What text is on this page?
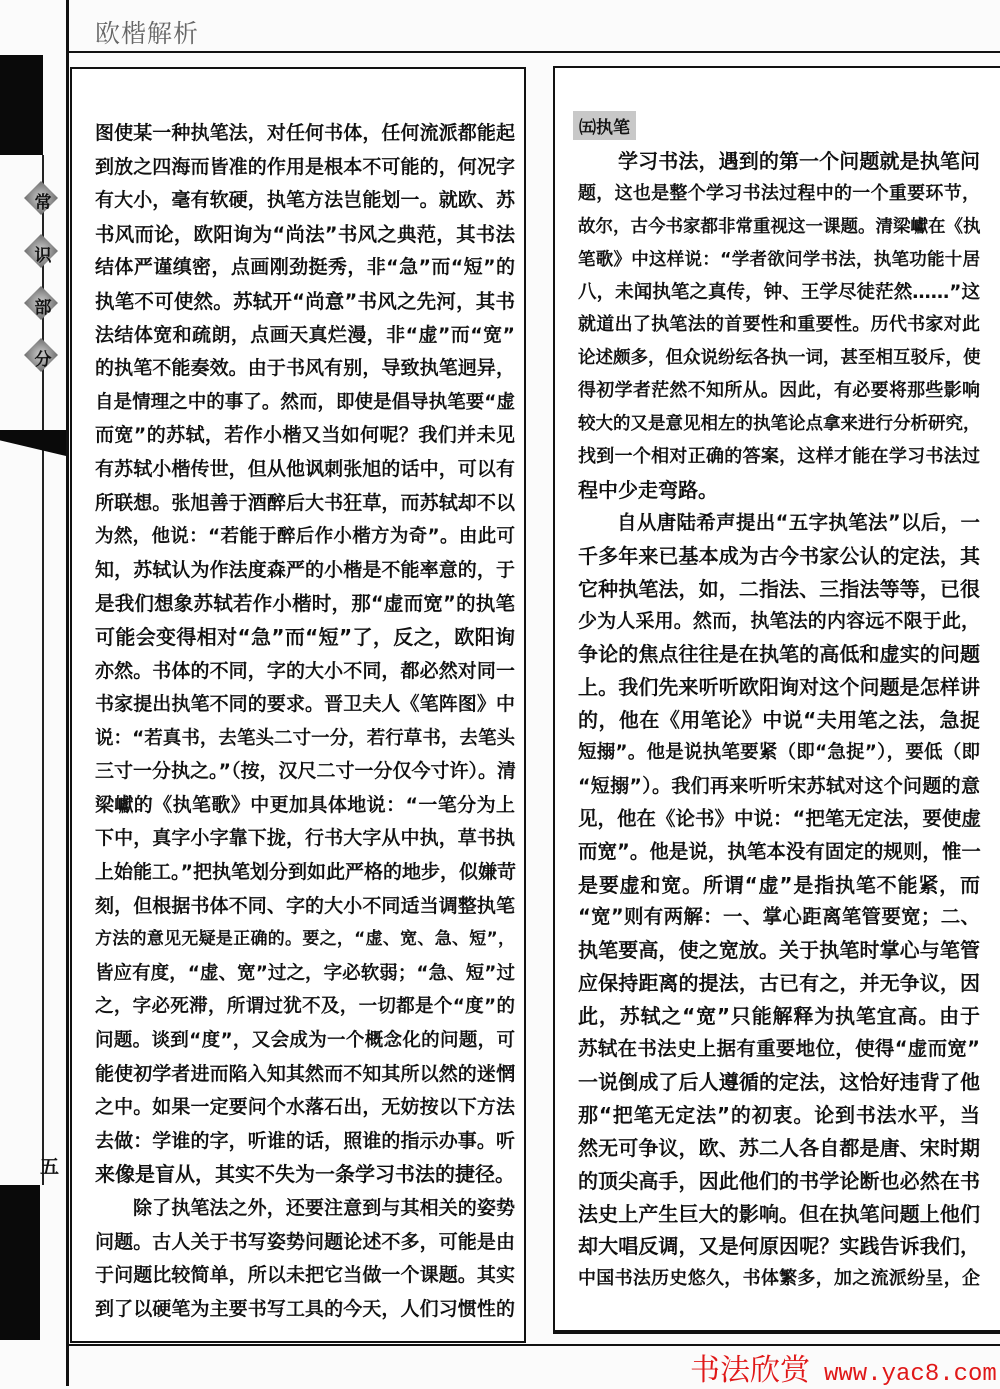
欧楷解析
常
识
部
分
五
图使某一种执笔法，对任何书体，任何流派都能起
到放之四海而皆准的作用是根本不可能的，何况字
有大小，毫有软硬，执笔方法岂能划一。就欧、苏
书风而论，欧阳询为“尚法”书风之典范，其书法
结体严谨缜密，点画刚劲挺秀，非“急”而“短”的
执笔不可使然。苏轼开“尚意”书风之先河，其书
法结体宽和疏朗，点画天真烂漫，非“虚”而“宽”
的执笔不能奏效。由于书风有别，导致执笔迥异，
自是情理之中的事了。然而，即使是倡导执笔要“虚
而宽”的苏轼，若作小楷又当如何呢？我们并未见
有苏轼小楷传世，但从他讽刺张旭的话中，可以有
所联想。张旭善于酒醉后大书狂草，而苏轼却不以
为然，他说：“若能于醉后作小楷方为奇”。由此可
知，苏轼认为作法度森严的小楷是不能率意的，于
是我们想象苏轼若作小楷时，那“虚而宽”的执笔
可能会变得相对“急”而“短”了，反之，欧阳询
亦然。书体的不同，字的大小不同，都必然对同一
书家提出执笔不同的要求。晋卫夫人《笔阵图》中
说：“若真书，去笔头二寸一分，若行草书，去笔头
三寸一分执之。”（按，汉尺二寸一分仅今寸许）。清
梁巘的《执笔歌》中更加具体地说：“一笔分为上
下中，真字小字靠下拢，行书大字从中执，草书执
上始能工。”把执笔划分到如此严格的地步，似嫌苛
刻，但根据书体不同、字的大小不同适当调整执笔
方法的意见无疑是正确的。要之，“虚、宽、急、短”，
皆应有度，“虚、宽”过之，字必软弱；“急、短”过
之，字必死滞，所谓过犹不及，一切都是个“度”的
问题。谈到“度”，又会成为一个概念化的问题，可
能使初学者进而陷入知其然而不知其所以然的迷惘
之中。如果一定要问个水落石出，无妨按以下方法
去做：学谁的字，听谁的话，照谁的指示办事。听
来像是盲从，其实不失为一条学习书法的捷径。
除了执笔法之外，还要注意到与其相关的姿势
问题。古人关于书写姿势问题论述不多，可能是由
于问题比较简单，所以未把它当做一个课题。其实
到了以硬笔为主要书写工具的今天，人们习惯性的
㈤执笔
学习书法，遇到的第一个问题就是执笔问
题，这也是整个学习书法过程中的一个重要环节，
故尔，古今书家都非常重视这一课题。清梁巘在《执
笔歌》中这样说：“学者欲问学书法，执笔功能十居
八，未闻执笔之真传，钟、王学尽徒茫然……”这
就道出了执笔法的首要性和重要性。历代书家对此
论述颇多，但众说纷纭各执一词，甚至相互驳斥，使
得初学者茫然不知所从。因此，有必要将那些影响
较大的又是意见相左的执笔论点拿来进行分析研究，
找到一个相对正确的答案，这样才能在学习书法过
程中少走弯路。
自从唐陆希声提出“五字执笔法”以后，一
千多年来已基本成为古今书家公认的定法，其
它种执笔法，如，二指法、三指法等等，已很
少为人采用。然而，执笔法的内容远不限于此，
争论的焦点往往是在执笔的高低和虚实的问题
上。我们先来听听欧阳询对这个问题是怎样讲
的，他在《用笔论》中说“夫用笔之法，急捉
短搦”。他是说执笔要紧（即“急捉”），要低（即
“短搦”）。我们再来听听宋苏轼对这个问题的意
见，他在《论书》中说：“把笔无定法，要使虚
而宽”。他是说，执笔本没有固定的规则，惟一
是要虚和宽。所谓“虚”是指执笔不能紧，而
“宽”则有两解：一、掌心距离笔管要宽；二、
执笔要高，使之宽放。关于执笔时掌心与笔管
应保持距离的提法，古已有之，并无争议，因
此，苏轼之“宽”只能解释为执笔宜高。由于
苏轼在书法史上据有重要地位，使得“虚而宽”
一说倒成了后人遵循的定法，这恰好违背了他
那“把笔无定法”的初衷。论到书法水平，当
然无可争议，欧、苏二人各自都是唐、宋时期
的顶尖高手，因此他们的书学论断也必然在书
法史上产生巨大的影响。但在执笔问题上他们
却大唱反调，又是何原因呢？实践告诉我们，
中国书法历史悠久，书体繁多，加之流派纷呈，企
书法欣赏 www.yac8.com
